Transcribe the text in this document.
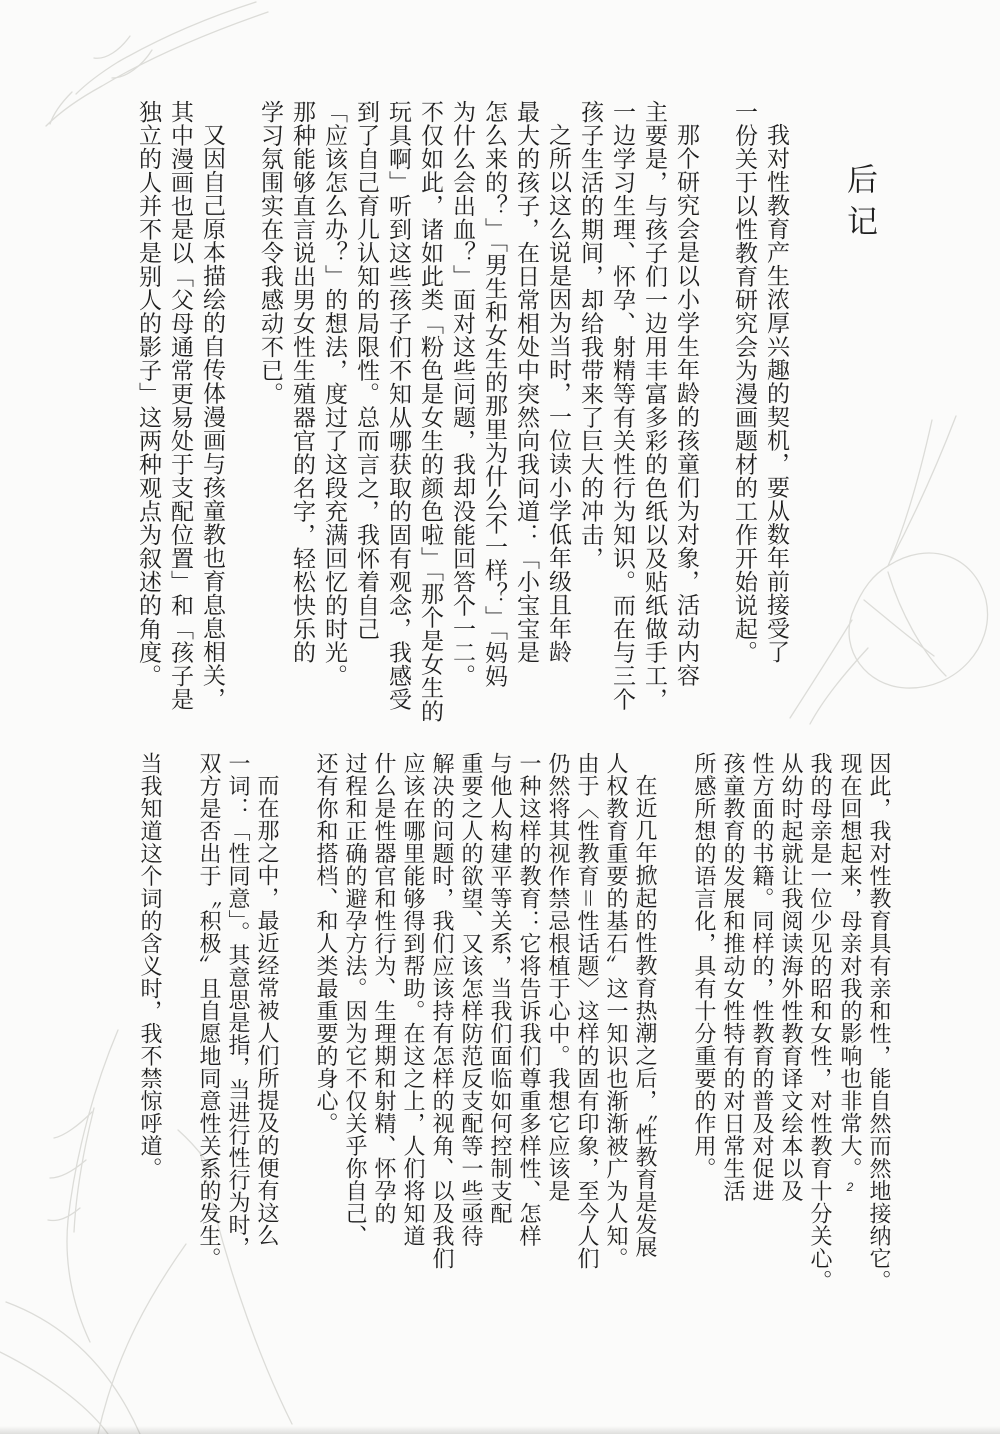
后记
我对性教育产生浓厚兴趣的契机，要从数年前接受了
一份关于以性教育研究会为漫画题材的工作开始说起。
那个研究会是以小学生年龄的孩童们为对象，活动内容
主要是，与孩子们一边用丰富多彩的色纸以及贴纸做手工，
一边学习生理、怀孕、射精等有关性行为知识。而在与三个
孩子生活的期间，却给我带来了巨大的冲击，
之所以这么说是因为当时，一位读小学低年级且年龄
最大的孩子，在日常相处中突然向我问道：「小宝宝是
怎么来的？」「男生和女生的那里为什么不一样？」「妈妈
为什么会出血？」面对这些问题，我却没能回答个一二。
不仅如此，诸如此类「粉色是女生的颜色啦」「那个是女生的
玩具啊」听到这些孩子们不知从哪获取的固有观念，我感受
到了自己育儿认知的局限性。总而言之，我怀着自己
「应该怎么办？」的想法，度过了这段充满回忆的时光。
那种能够直言说出男女性生殖器官的名字，轻松快乐的
学习氛围实在令我感动不已。
又因自己原本描绘的自传体漫画与孩童教也育息息相关，
其中漫画也是以「父母通常更易处于支配位置」和「孩子是
独立的人并不是别人的影子」这两种观点为叙述的角度。
因此，我对性教育具有亲和性，能自然而然地接纳它。
现在回想起来，母亲对我的影响也非常大。2
我的母亲是一位少见的昭和女性，对性教育十分关心。
从幼时起就让我阅读海外性教育译文绘本以及
性方面的书籍。同样的，性教育的普及对促进
孩童教育的发展和推动女性特有的对日常生活
所感所想的语言化，具有十分重要的作用。
在近几年掀起的性教育热潮之后，〝性教育是发展
人权教育重要的基石〞这一知识也渐渐被广为人知。
由于〈性教育＝性话题〉这样的固有印象，至今人们
仍然将其视作禁忌根植于心中。我想它应该是
一种这样的教育：它将告诉我们尊重多样性、怎样
与他人构建平等关系，当我们面临如何控制支配
重要之人的欲望、又该怎样防范反支配等一些亟待
解决的问题时，我们应该持有怎样的视角、以及我们
应该在哪里能够得到帮助。在这之上，人们将知道
什么是性器官和性行为、生理期和射精、怀孕的
过程和正确的避孕方法。因为它不仅关乎你自己、
还有你和搭档、和人类最重要的身心。
而在那之中，最近经常被人们所提及的便有这么
一词：「性同意」。其意思是指，当进行性行为时，
双方是否出于〝积极〞且自愿地同意性关系的发生。
当我知道这个词的含义时，我不禁惊呼道。
